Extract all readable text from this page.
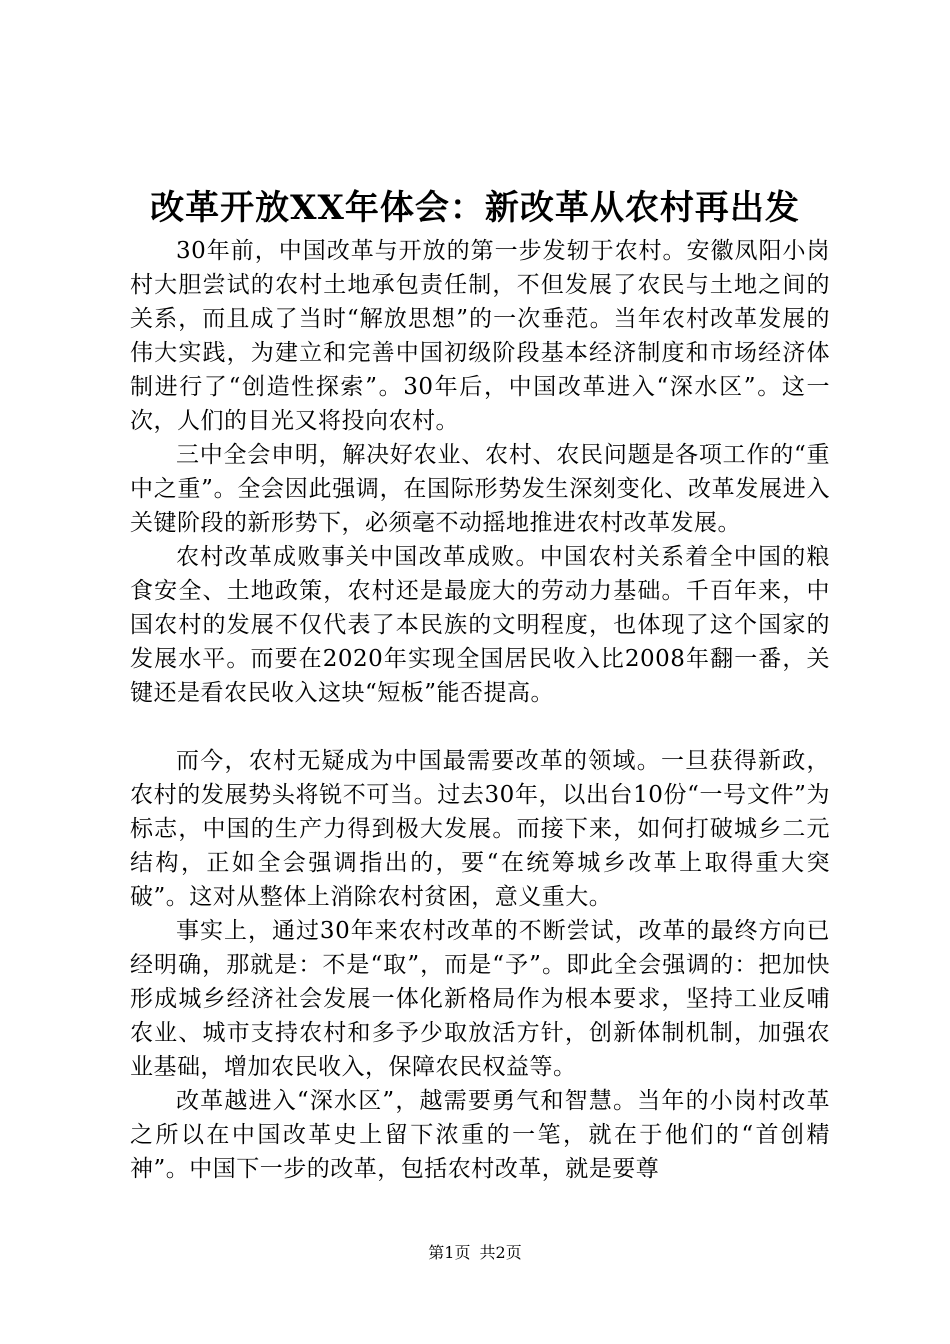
改革开放XX年体会：新改革从农村再出发

30年前，中国改革与开放的第一步发轫于农村。安徽凤阳小岗村大胆尝试的农村土地承包责任制，不但发展了农民与土地之间的关系，而且成了当时“解放思想”的一次垂范。当年农村改革发展的伟大实践，为建立和完善中国初级阶段基本经济制度和市场经济体制进行了“创造性探索”。30年后，中国改革进入“深水区”。这一次，人们的目光又将投向农村。

三中全会申明，解决好农业、农村、农民问题是各项工作的“重中之重”。全会因此强调，在国际形势发生深刻变化、改革发展进入关键阶段的新形势下，必须毫不动摇地推进农村改革发展。

农村改革成败事关中国改革成败。中国农村关系着全中国的粮食安全、土地政策，农村还是最庞大的劳动力基础。千百年来，中国农村的发展不仅代表了本民族的文明程度，也体现了这个国家的发展水平。而要在2020年实现全国居民收入比2008年翻一番，关键还是看农民收入这块“短板”能否提高。

而今，农村无疑成为中国最需要改革的领域。一旦获得新政，农村的发展势头将锐不可当。过去30年，以出台10份“一号文件”为标志，中国的生产力得到极大发展。而接下来，如何打破城乡二元结构，正如全会强调指出的，要“在统筹城乡改革上取得重大突破”。这对从整体上消除农村贫困，意义重大。

事实上，通过30年来农村改革的不断尝试，改革的最终方向已经明确，那就是：不是“取”，而是“予”。即此全会强调的：把加快形成城乡经济社会发展一体化新格局作为根本要求，坚持工业反哺农业、城市支持农村和多予少取放活方针，创新体制机制，加强农业基础，增加农民收入，保障农民权益等。

改革越进入“深水区”，越需要勇气和智慧。当年的小岗村改革之所以在中国改革史上留下浓重的一笔，就在于他们的“首创精神”。中国下一步的改革，包括农村改革，就是要尊

第1页 共2页
